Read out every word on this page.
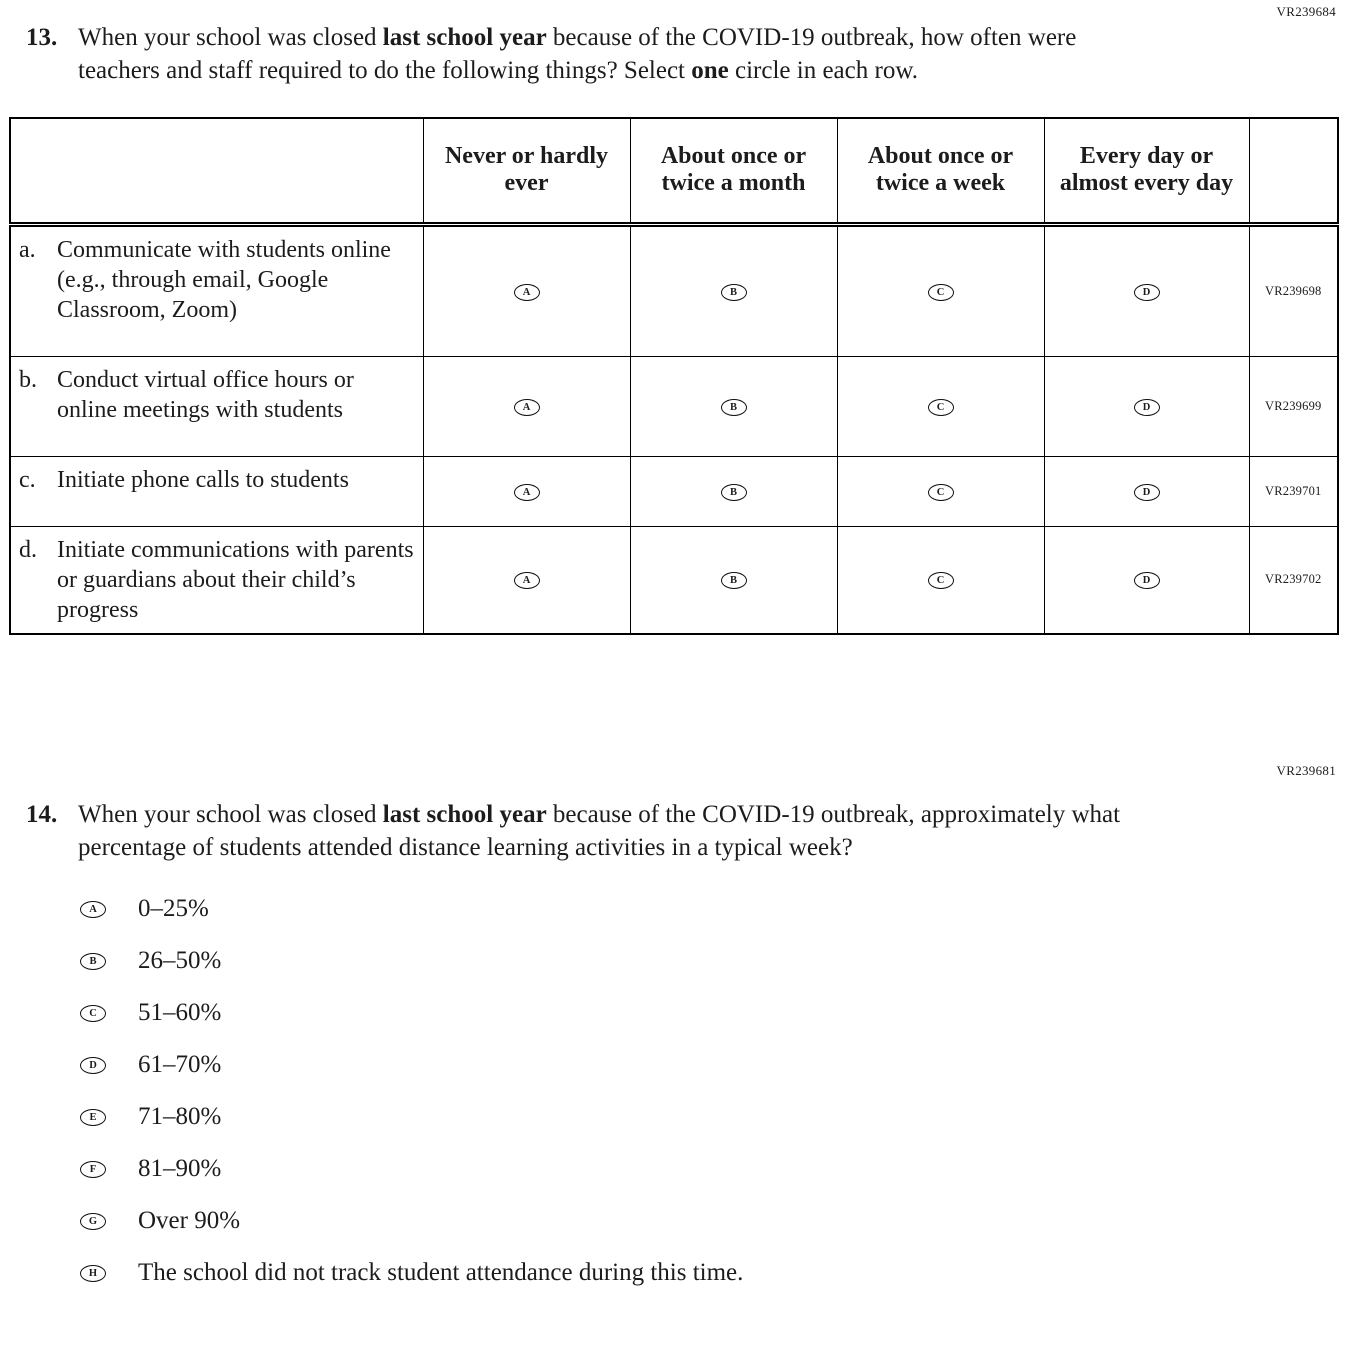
VR239684
13. When your school was closed last school year because of the COVID-19 outbreak, how often were teachers and staff required to do the following things? Select one circle in each row.

	Never or hardly ever	About once or twice a month	About once or twice a week	Every day or almost every day	

a. Communicate with students online (e.g., through email, Google Classroom, Zoom)	A	B	C	D	VR239698

b. Conduct virtual office hours or online meetings with students	A	B	C	D	VR239699

c. Initiate phone calls to students	A	B	C	D	VR239701

d. Initiate communications with parents or guardians about their child’s progress	A	B	C	D	VR239702
VR239681
14. When your school was closed last school year because of the COVID-19 outbreak, approximately what percentage of students attended distance learning activities in a typical week?

A	0–25%
B	26–50%
C	51–60%
D	61–70%
E	71–80%
F	81–90%
G	Over 90%
H	The school did not track student attendance during this time.
